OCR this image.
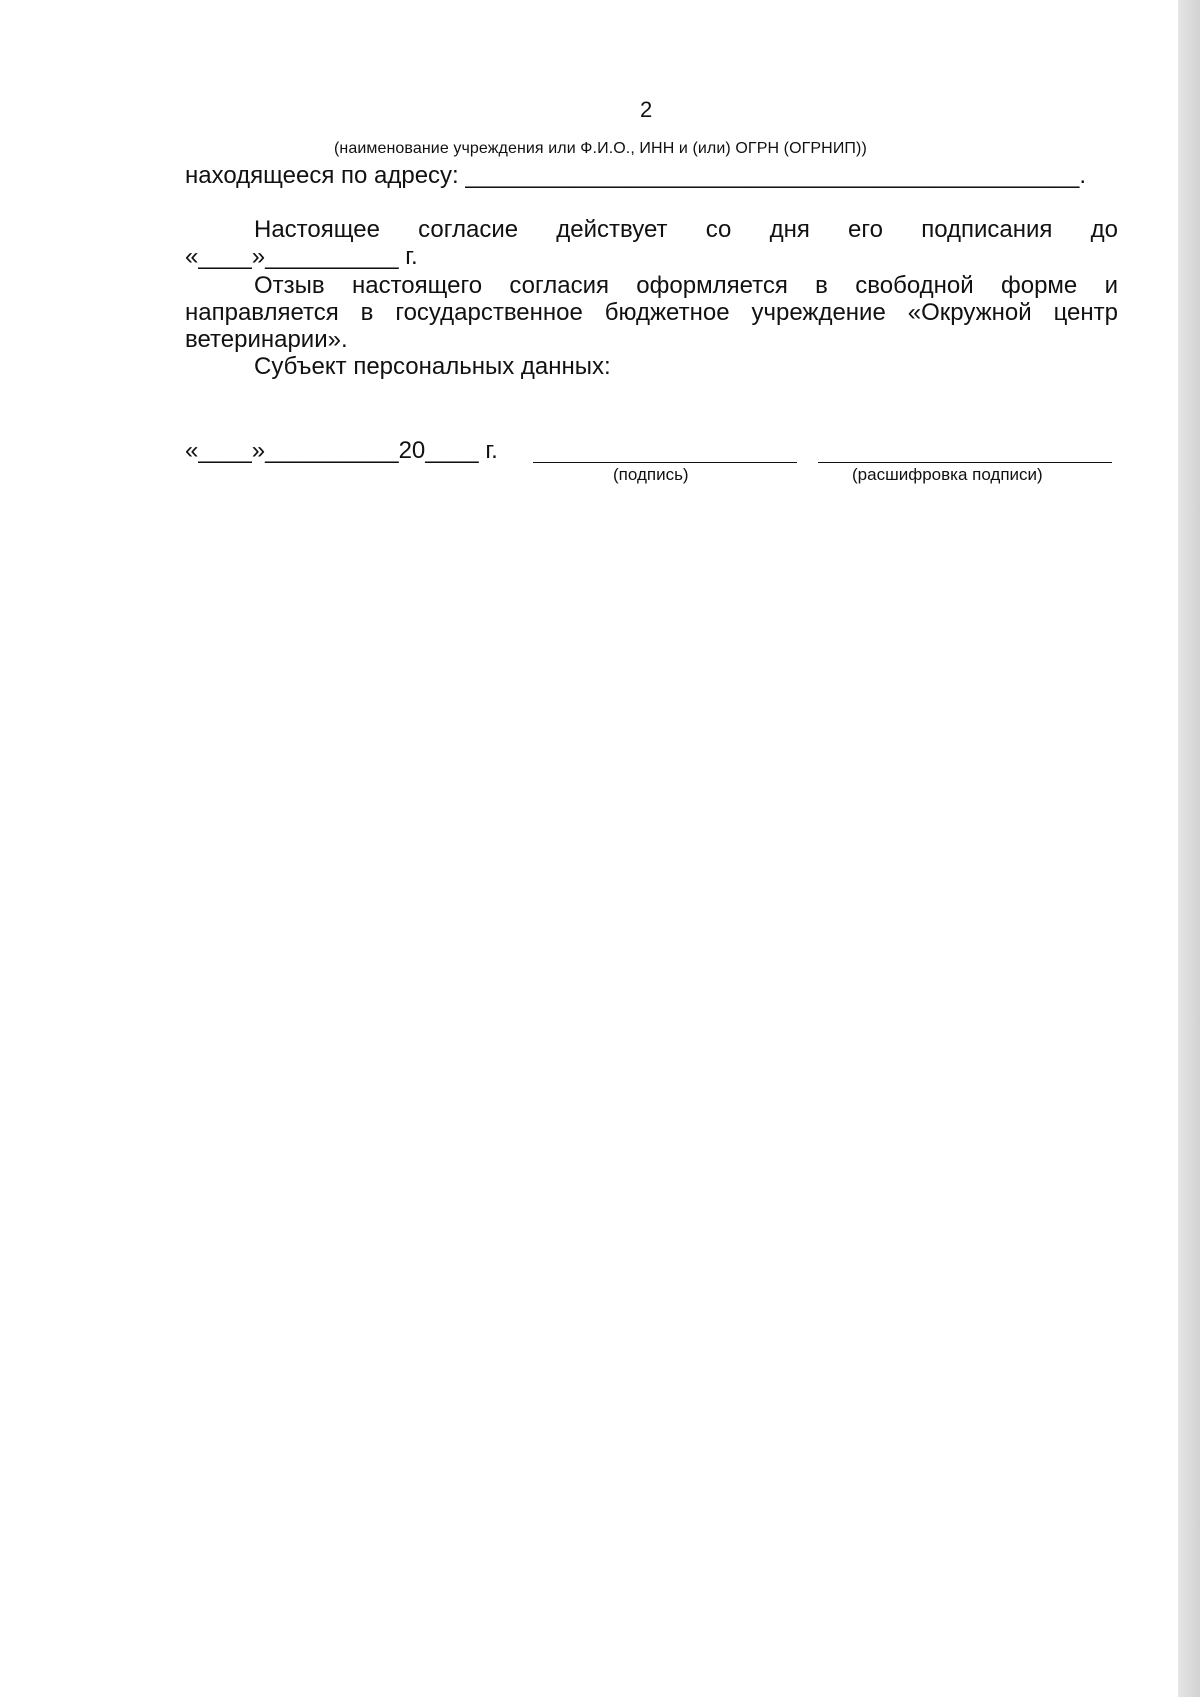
2
(наименование учреждения или Ф.И.О., ИНН и (или) ОГРН (ОГРНИП))
находящееся по адресу: ______________________________________________.
Настоящее согласие действует со дня его подписания до
«____»__________ г.
Отзыв настоящего согласия оформляется в свободной форме и
направляется в государственное бюджетное учреждение «Окружной центр
ветеринарии».
Субъект персональных данных:
«____»__________20____ г.
(подпись)	(расшифровка подписи)
